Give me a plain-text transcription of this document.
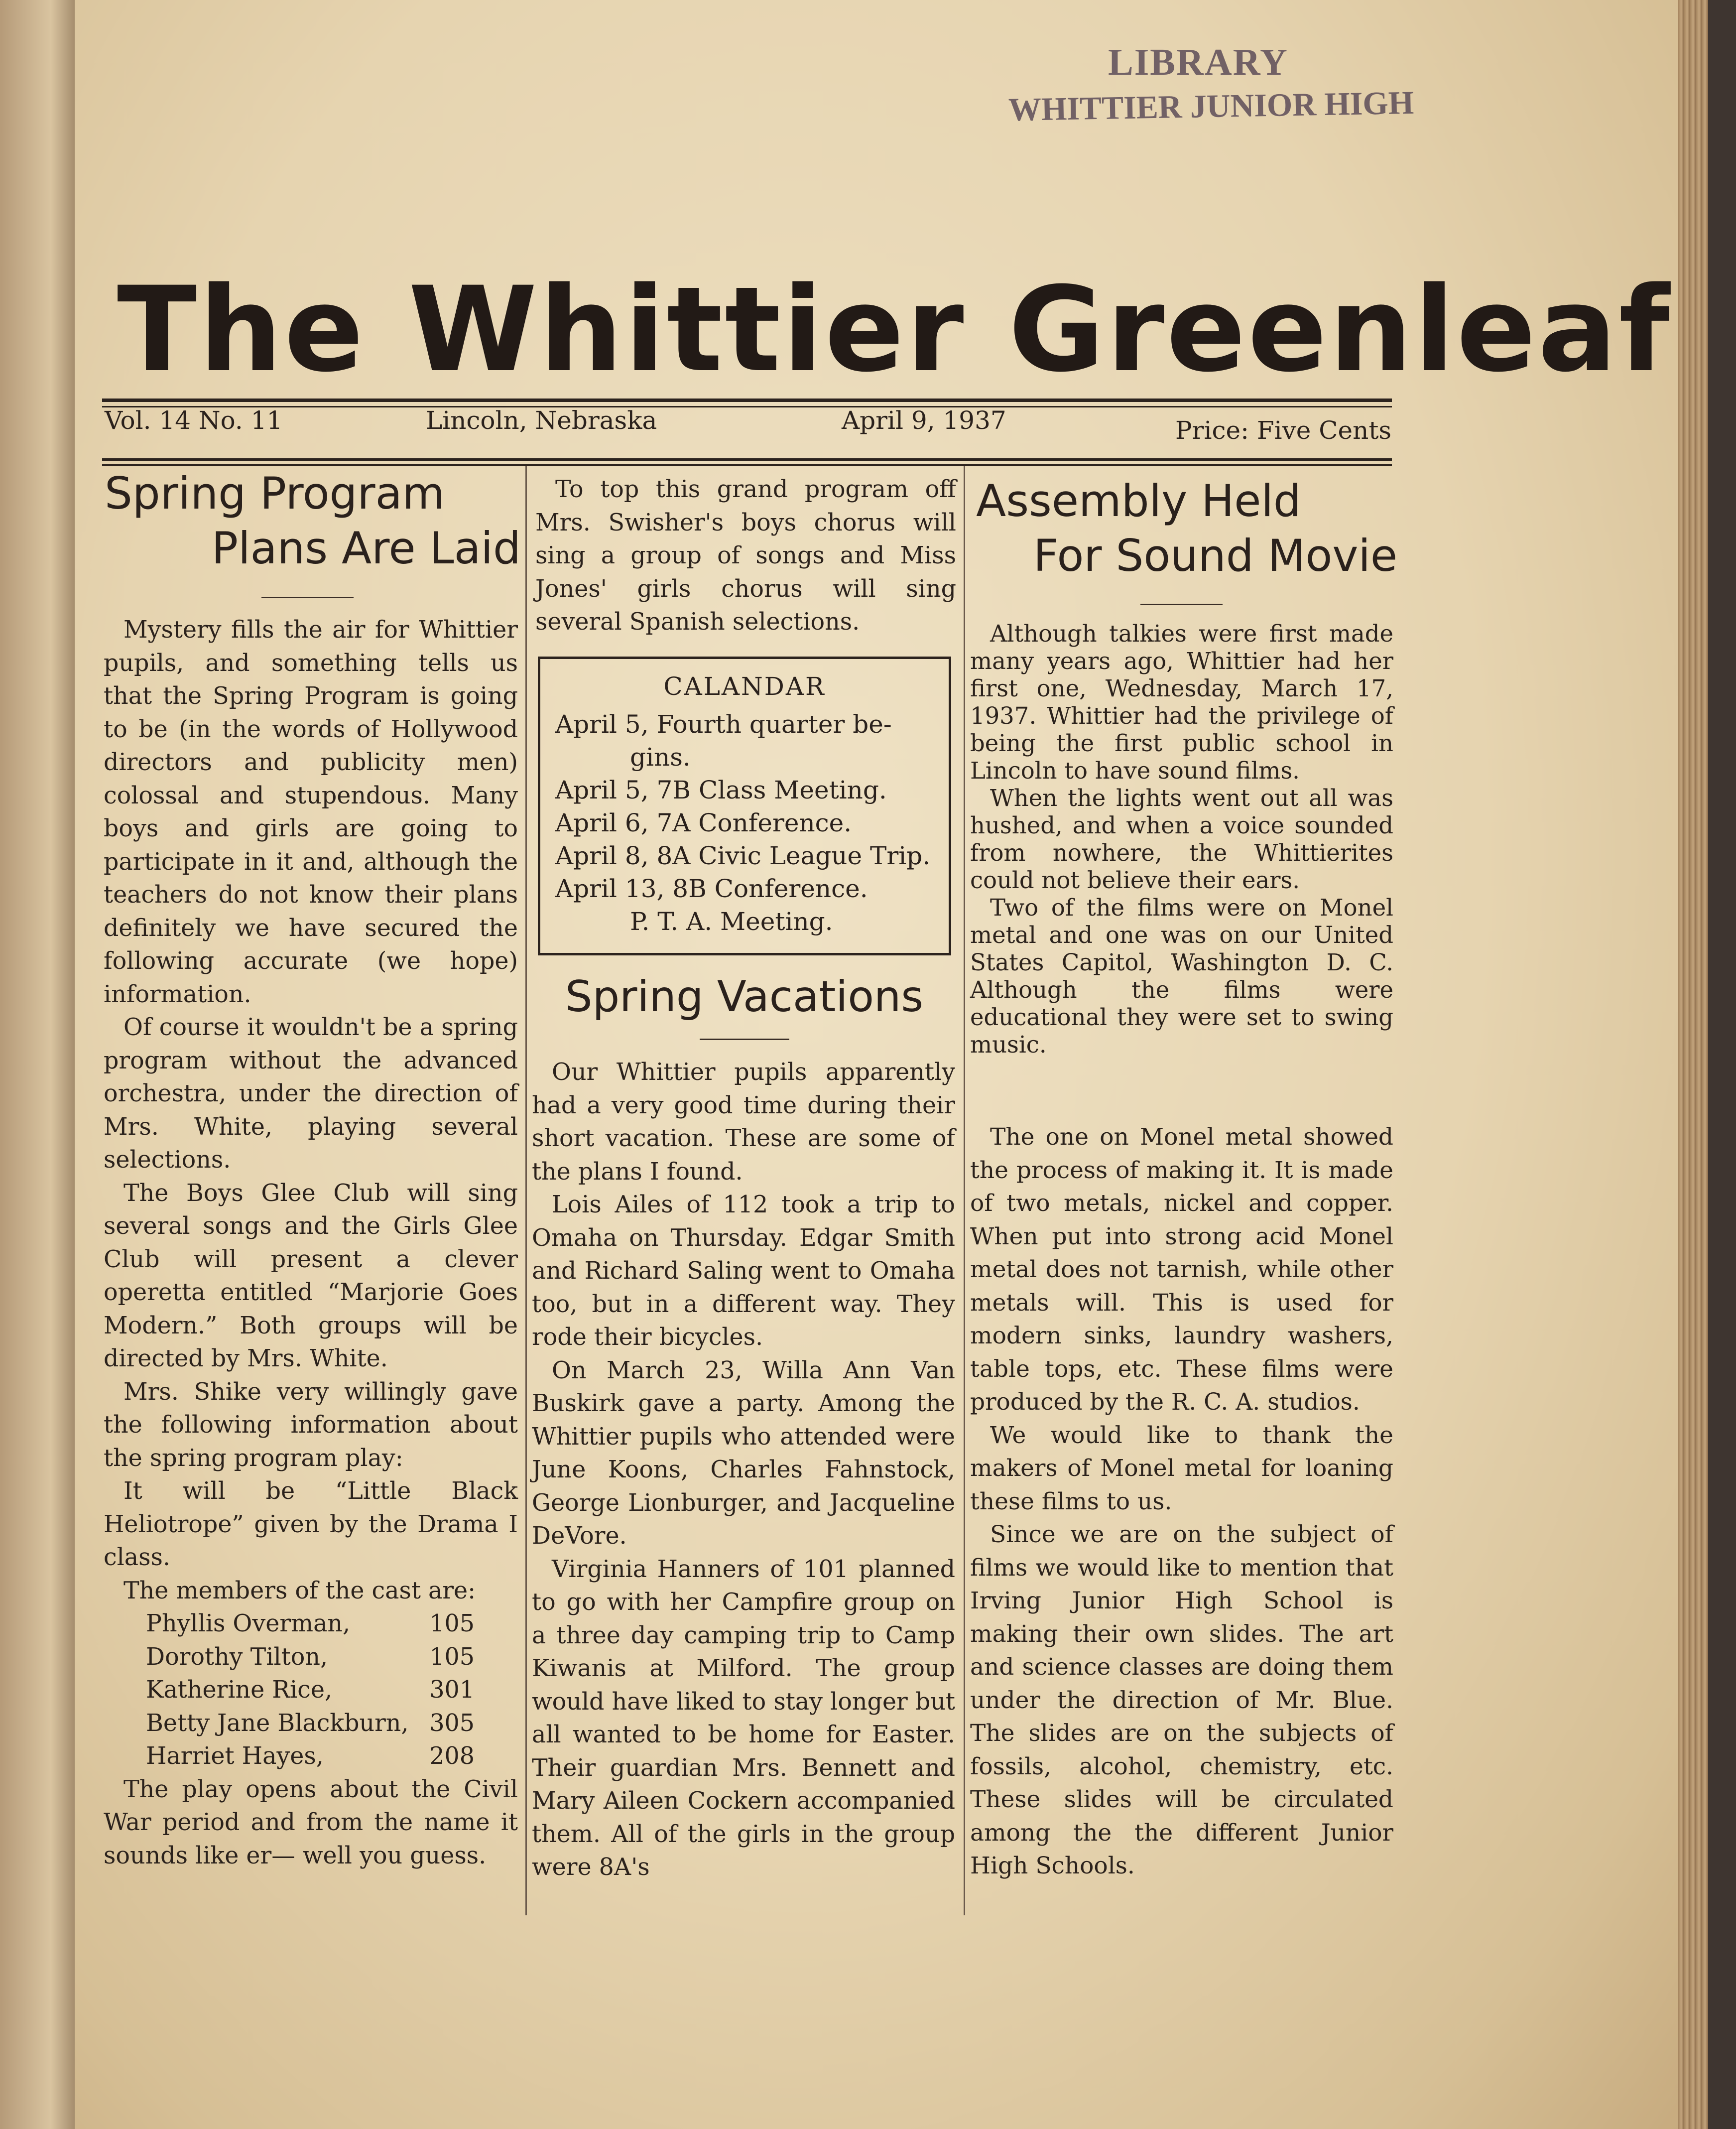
LIBRARY
WHITTIER JUNIOR HIGH
The Whittier Greenleaf
Vol. 14 No. 11	Lincoln, Nebraska	April 9, 1937	Price: Five Cents
Spring Program
Plans Are Laid

Mystery fills the air for Whittier pupils, and something tells us that the Spring Program is going to be (in the words of Hollywood directors and publicity men) colossal and stupendous. Many boys and girls are going to participate in it and, although the teachers do not know their plans definitely we have secured the following accurate (we hope) information.

Of course it wouldn't be a spring program without the advanced orchestra, under the direction of Mrs. White, playing several selections.

The Boys Glee Club will sing several songs and the Girls Glee Club will present a clever operetta entitled “Marjorie Goes Modern.” Both groups will be directed by Mrs. White.

Mrs. Shike very willingly gave the following information about the spring program play:

It will be “Little Black Heliotrope” given by the Drama I class.

The members of the cast are:

Phyllis Overman,	105
Dorothy Tilton,	105
Katherine Rice,	301
Betty Jane Blackburn, 305
Harriet Hayes,	208

The play opens about the Civil War period and from the name it sounds like er— well you guess.

To top this grand program off Mrs. Swisher's boys chorus will sing a group of songs and Miss Jones' girls chorus will sing several Spanish selections.

CALANDAR

April 5, Fourth quarter be-

gins.

April 5, 7B Class Meeting.

April 6, 7A Conference.

April 8, 8A Civic League Trip.

April 13, 8B Conference.

P. T. A. Meeting.

Spring Vacations

Our Whittier pupils apparently had a very good time during their short vacation. These are some of the plans I found.

Lois Ailes of 112 took a trip to Omaha on Thursday. Edgar Smith and Richard Saling went to Omaha too, but in a different way. They rode their bicycles.

On March 23, Willa Ann Van Buskirk gave a party. Among the Whittier pupils who attended were June Koons, Charles Fahnstock, George Lionburger, and Jacqueline DeVore.

Virginia Hanners of 101 planned to go with her Campfire group on a three day camping trip to Camp Kiwanis at Milford. The group would have liked to stay longer but all wanted to be home for Easter. Their guardian Mrs. Bennett and Mary Aileen Cockern accompanied them. All of the girls in the group were 8A's

Assembly Held
For Sound Movie

Although talkies were first made many years ago, Whittier had her first one, Wednesday, March 17, 1937. Whittier had the privilege of being the first public school in Lincoln to have sound films.

When the lights went out all was hushed, and when a voice sounded from nowhere, the Whittierites could not believe their ears.

Two of the films were on Monel metal and one was on our United States Capitol, Washington D. C. Although the films were educational they were set to swing music.

The one on Monel metal showed the process of making it. It is made of two metals, nickel and copper. When put into strong acid Monel metal does not tarnish, while other metals will. This is used for modern sinks, laundry washers, table tops, etc. These films were produced by the R. C. A. studios.

We would like to thank the makers of Monel metal for loaning these films to us.

Since we are on the subject of films we would like to mention that Irving Junior High School is making their own slides. The art and science classes are doing them under the direction of Mr. Blue. The slides are on the subjects of fossils, alcohol, chemistry, etc. These slides will be circulated among the the different Junior High Schools.
